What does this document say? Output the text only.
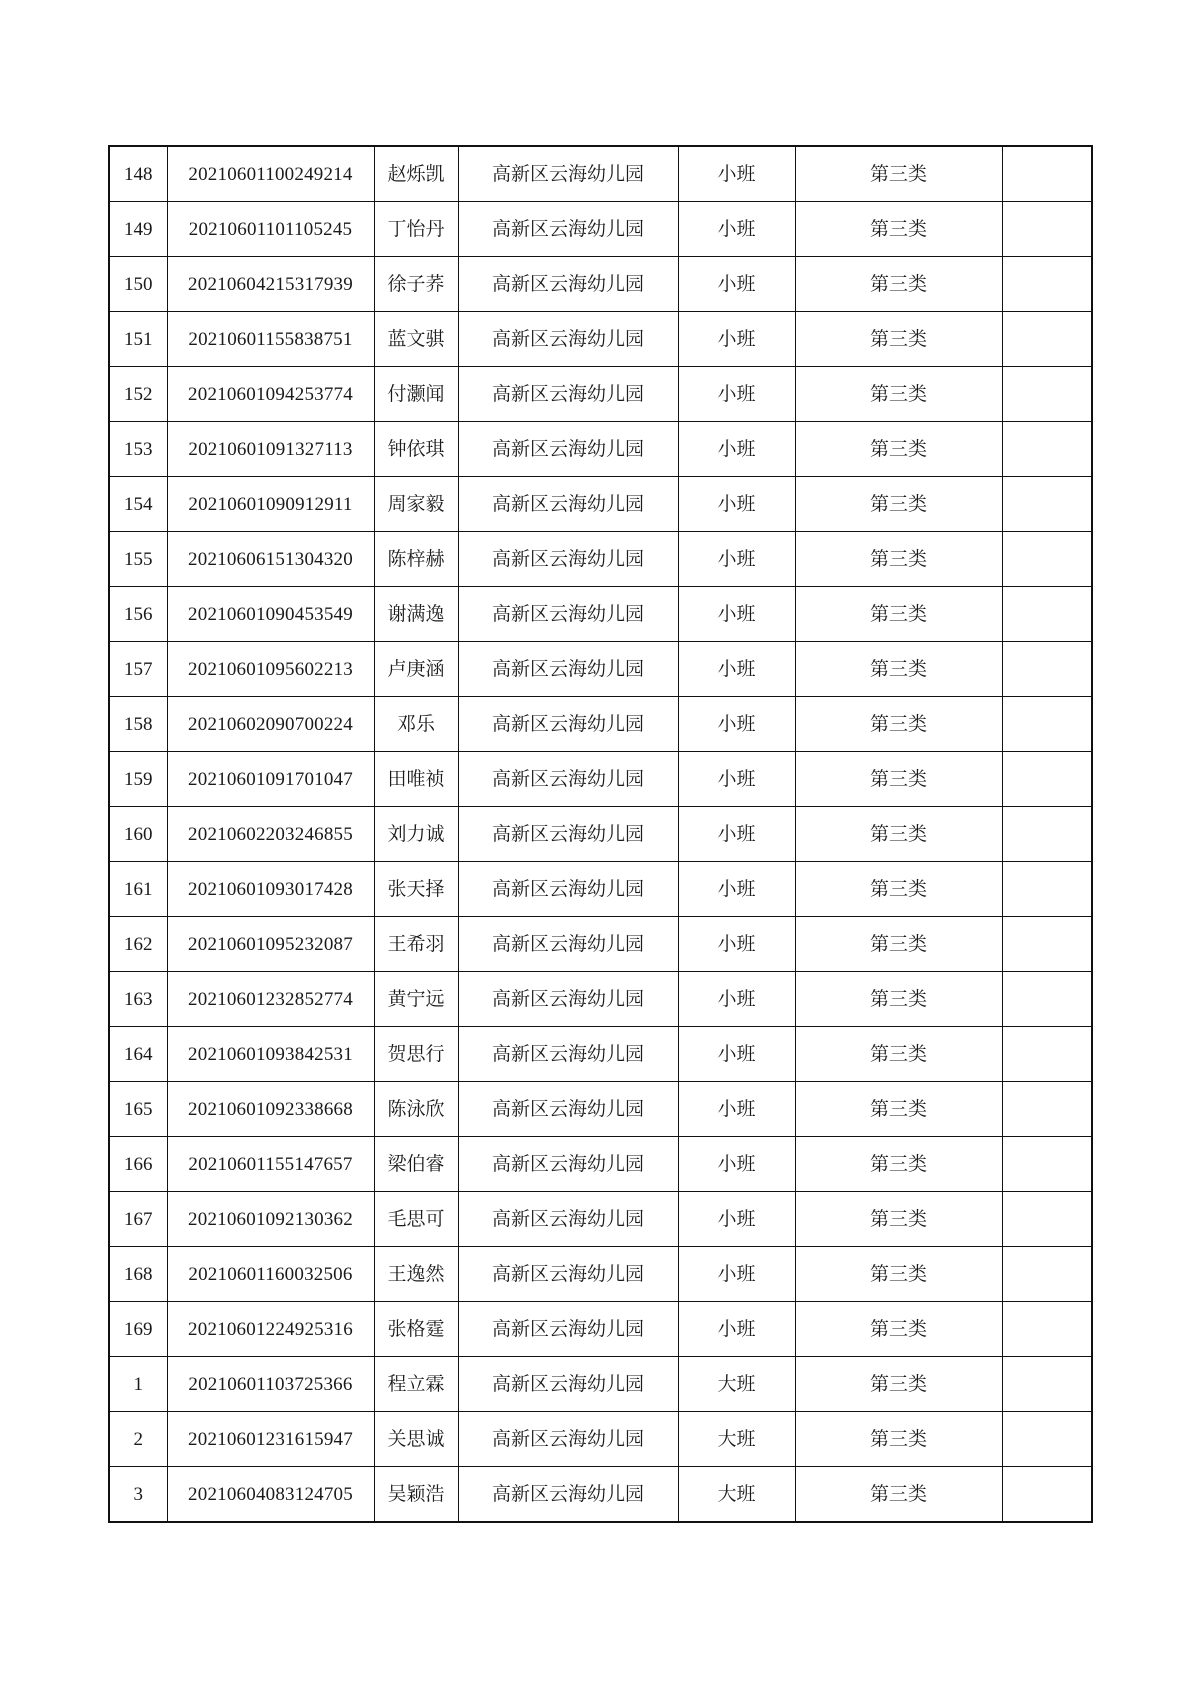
148	20210601100249214	赵烁凯	高新区云海幼儿园	小班	第三类	
149	20210601101105245	丁怡丹	高新区云海幼儿园	小班	第三类	
150	20210604215317939	徐子荞	高新区云海幼儿园	小班	第三类	
151	20210601155838751	蓝文骐	高新区云海幼儿园	小班	第三类	
152	20210601094253774	付灏闻	高新区云海幼儿园	小班	第三类	
153	20210601091327113	钟依琪	高新区云海幼儿园	小班	第三类	
154	20210601090912911	周家毅	高新区云海幼儿园	小班	第三类	
155	20210606151304320	陈梓赫	高新区云海幼儿园	小班	第三类	
156	20210601090453549	谢满逸	高新区云海幼儿园	小班	第三类	
157	20210601095602213	卢庚涵	高新区云海幼儿园	小班	第三类	
158	20210602090700224	邓乐	高新区云海幼儿园	小班	第三类	
159	20210601091701047	田唯祯	高新区云海幼儿园	小班	第三类	
160	20210602203246855	刘力诚	高新区云海幼儿园	小班	第三类	
161	20210601093017428	张天择	高新区云海幼儿园	小班	第三类	
162	20210601095232087	王希羽	高新区云海幼儿园	小班	第三类	
163	20210601232852774	黄宁远	高新区云海幼儿园	小班	第三类	
164	20210601093842531	贺思行	高新区云海幼儿园	小班	第三类	
165	20210601092338668	陈泳欣	高新区云海幼儿园	小班	第三类	
166	20210601155147657	梁伯睿	高新区云海幼儿园	小班	第三类	
167	20210601092130362	毛思可	高新区云海幼儿园	小班	第三类	
168	20210601160032506	王逸然	高新区云海幼儿园	小班	第三类	
169	20210601224925316	张格霆	高新区云海幼儿园	小班	第三类	
1	20210601103725366	程立霖	高新区云海幼儿园	大班	第三类	
2	20210601231615947	关思诚	高新区云海幼儿园	大班	第三类	
3	20210604083124705	吴颖浩	高新区云海幼儿园	大班	第三类	
